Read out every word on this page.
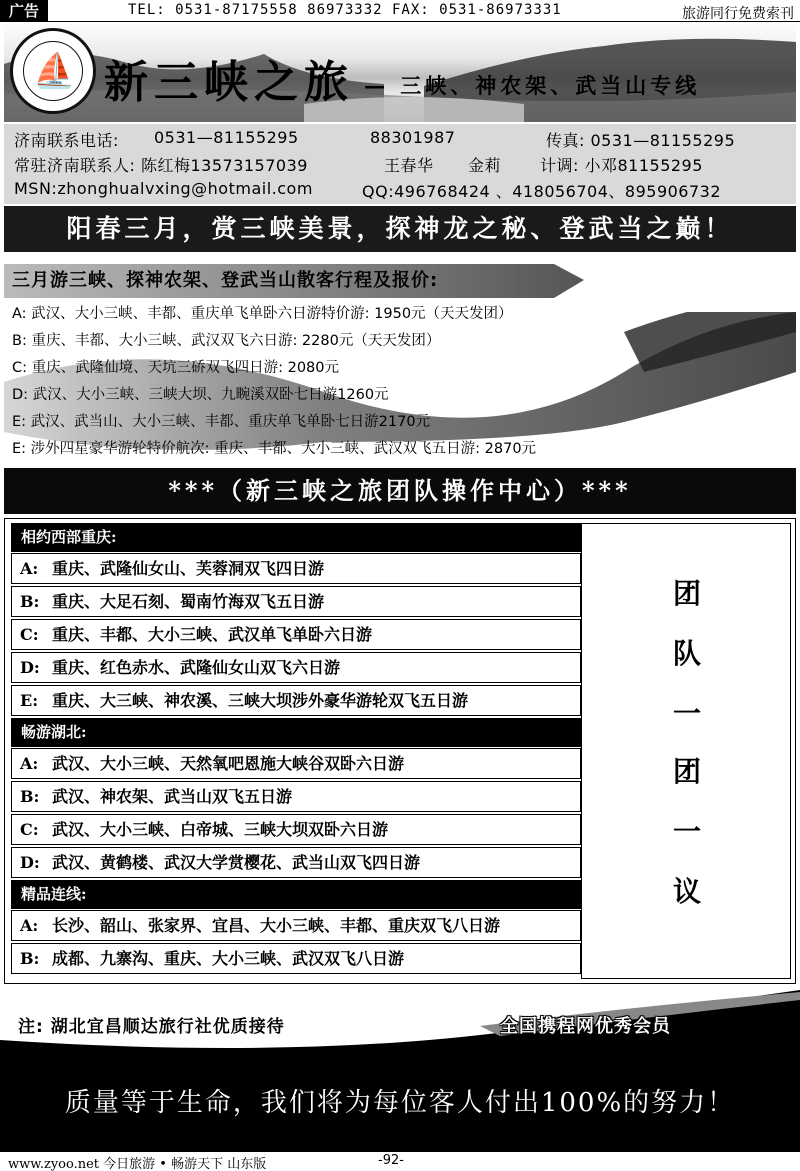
广告	TEL: 0531-87175558 86973332 FAX: 0531-86973331	旅游同行免费索刊
⛵ 新三峡之旅 — 三峡、神农架、武当山专线
济南联系电话: 0531—81155295	88301987	传真: 0531—81155295
常驻济南联系人: 陈红梅13573157039	王春华 金莉 计调: 小邓81155295
MSN:zhonghualvxing@hotmail.com	QQ:496768424 、418056704、895906732
阳春三月，赏三峡美景，探神龙之秘、登武当之巅！
三月游三峡、探神农架、登武当山散客行程及报价:
A: 武汉、大小三峡、丰都、重庆单飞单卧六日游特价游: 1950元（天天发团）
B: 重庆、丰都、大小三峡、武汉双飞六日游: 2280元（天天发团）
C: 重庆、武隆仙境、天坑三硚双飞四日游: 2080元
D: 武汉、大小三峡、三峡大坝、九畹溪双卧七日游1260元
E: 武汉、武当山、大小三峡、丰都、重庆单飞单卧七日游2170元
E: 涉外四星豪华游轮特价航次: 重庆、丰都、大小三峡、武汉双飞五日游: 2870元
***（新三峡之旅团队操作中心）***
相约西部重庆:
A: 重庆、武隆仙女山、芙蓉洞双飞四日游
B: 重庆、大足石刻、蜀南竹海双飞五日游
C: 重庆、丰都、大小三峡、武汉单飞单卧六日游
D: 重庆、红色赤水、武隆仙女山双飞六日游
E: 重庆、大三峡、神农溪、三峡大坝涉外豪华游轮双飞五日游
畅游湖北:
A: 武汉、大小三峡、天然氧吧恩施大峡谷双卧六日游
B: 武汉、神农架、武当山双飞五日游
C: 武汉、大小三峡、白帝城、三峡大坝双卧六日游
D: 武汉、黄鹤楼、武汉大学赏樱花、武当山双飞四日游
精品连线:
A: 长沙、韶山、张家界、宜昌、大小三峡、丰都、重庆双飞八日游
B: 成都、九寨沟、重庆、大小三峡、武汉双飞八日游
团
队
一
团
一
议
注: 湖北宜昌顺达旅行社优质接待	全国携程网优秀会员
质量等于生命，我们将为每位客人付出100%的努力！
www.zyoo.net 今日旅游 • 畅游天下 山东版	-92-
